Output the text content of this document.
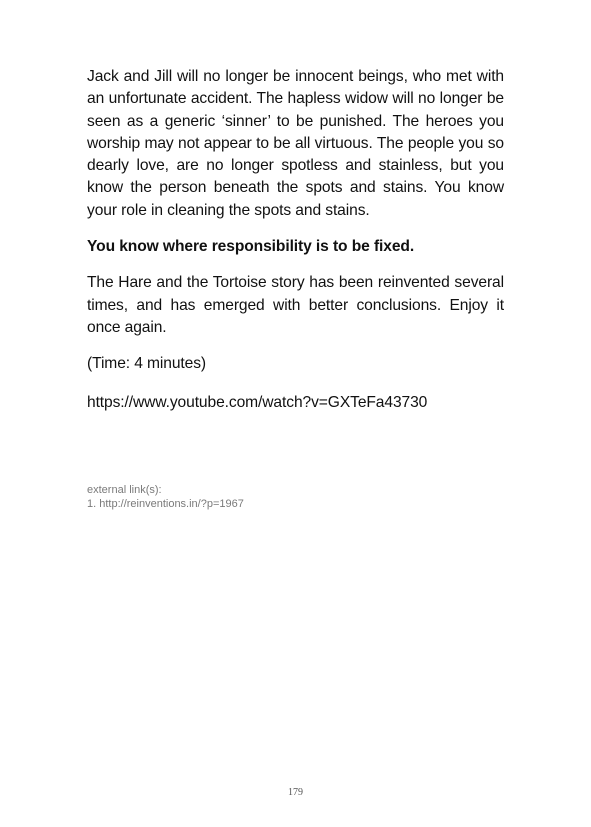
Jack and Jill will no longer be innocent beings, who met with an unfortunate accident. The hapless widow will no longer be seen as a generic ‘sinner’ to be punished. The heroes you worship may not appear to be all virtuous. The people you so dearly love, are no longer spotless and stainless, but you know the person beneath the spots and stains. You know your role in cleaning the spots and stains.

You know where responsibility is to be fixed.

The Hare and the Tortoise story has been reinvented several times, and has emerged with better conclusions. Enjoy it once again.

(Time: 4 minutes)

https://www.youtube.com/watch?v=GXTeFa43730

external link(s):
1. http://reinventions.in/?p=1967
179
